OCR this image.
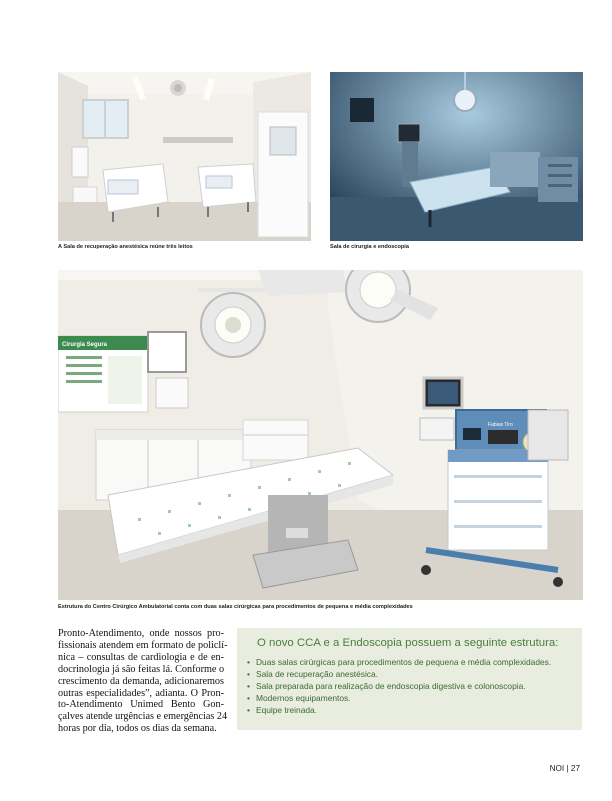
A Sala de recuperação anestésica reúne três leitos	Sala de cirurgia e endoscopia
Cirurgia Segura
Fabius Tiro
Estrutura do Centro Cirúrgico Ambulatorial conta com duas salas cirúrgicas para procedimentos de pequena e média complexidades
Pronto-Atendimento, onde nossos pro-
fissionais atendem em formato de policlí-
nica – consultas de cardiologia e de en-
docrinologia já são feitas lá. Conforme o
crescimento da demanda, adicionaremos
outras especialidades”, adianta. O Pron-
to-Atendimento Unimed Bento Gon-
çalves atende urgências e emergências 24
horas por dia, todos os dias da semana.
O novo CCA e a Endoscopia possuem a seguinte estrutura:
• Duas salas cirúrgicas para procedimentos de pequena e média complexidades.
• Sala de recuperação anestésica.
• Sala preparada para realização de endoscopia digestiva e colonoscopia.
• Modernos equipamentos.
• Equipe treinada.
NOI | 27
